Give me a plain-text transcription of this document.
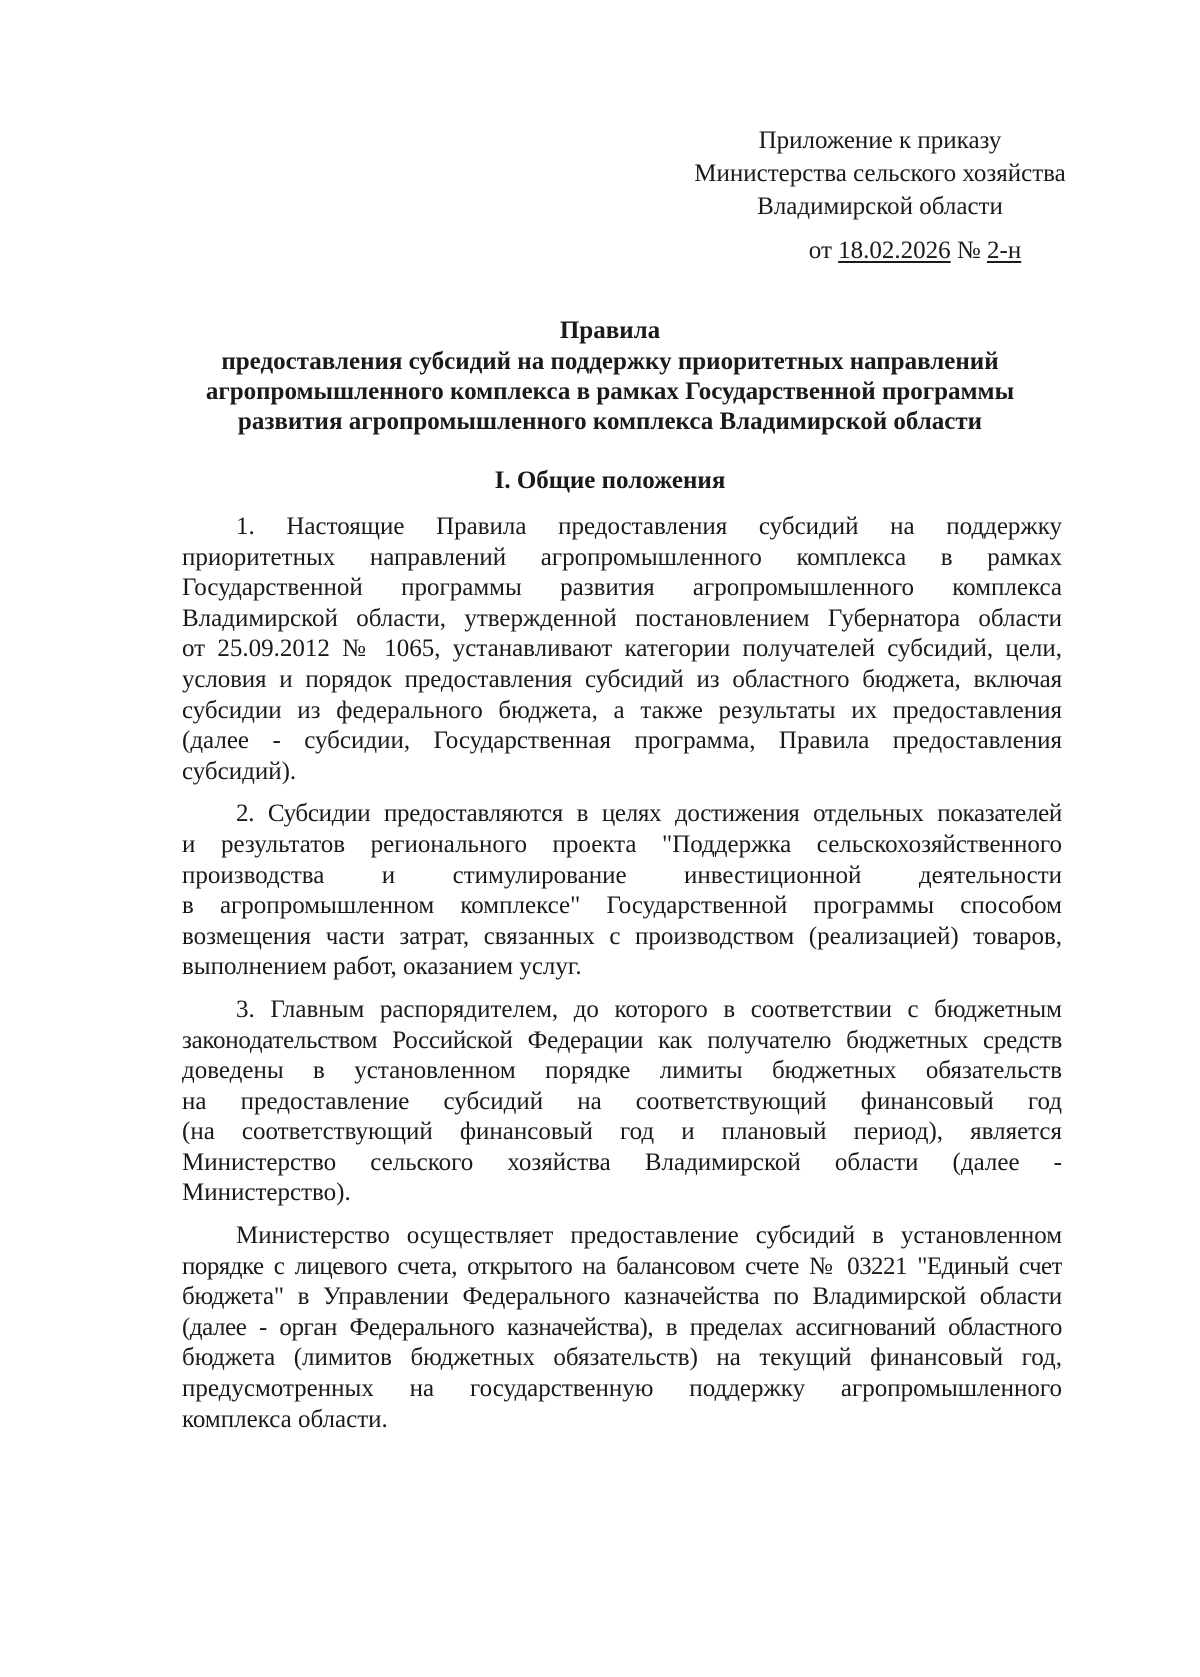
Приложение к приказу
Министерства сельского хозяйства
Владимирской области
от 18.02.2026 № 2-н
Правила
предоставления субсидий на поддержку приоритетных направлений
агропромышленного комплекса в рамках Государственной программы
развития агропромышленного комплекса Владимирской области
I. Общие положения
1. Настоящие Правила предоставления субсидий на поддержку
приоритетных направлений агропромышленного комплекса в рамках
Государственной программы развития агропромышленного комплекса
Владимирской области, утвержденной постановлением Губернатора области
от 25.09.2012 № 1065, устанавливают категории получателей субсидий, цели,
условия и порядок предоставления субсидий из областного бюджета, включая
субсидии из федерального бюджета, а также результаты их предоставления
(далее - субсидии, Государственная программа, Правила предоставления
субсидий).
2. Субсидии предоставляются в целях достижения отдельных показателей
и результатов регионального проекта "Поддержка сельскохозяйственного
производства и стимулирование инвестиционной деятельности
в агропромышленном комплексе" Государственной программы способом
возмещения части затрат, связанных с производством (реализацией) товаров,
выполнением работ, оказанием услуг.
3. Главным распорядителем, до которого в соответствии с бюджетным
законодательством Российской Федерации как получателю бюджетных средств
доведены в установленном порядке лимиты бюджетных обязательств
на предоставление субсидий на соответствующий финансовый год
(на соответствующий финансовый год и плановый период), является
Министерство сельского хозяйства Владимирской области (далее -
Министерство).
Министерство осуществляет предоставление субсидий в установленном
порядке с лицевого счета, открытого на балансовом счете № 03221 "Единый счет
бюджета" в Управлении Федерального казначейства по Владимирской области
(далее - орган Федерального казначейства), в пределах ассигнований областного
бюджета (лимитов бюджетных обязательств) на текущий финансовый год,
предусмотренных на государственную поддержку агропромышленного
комплекса области.
